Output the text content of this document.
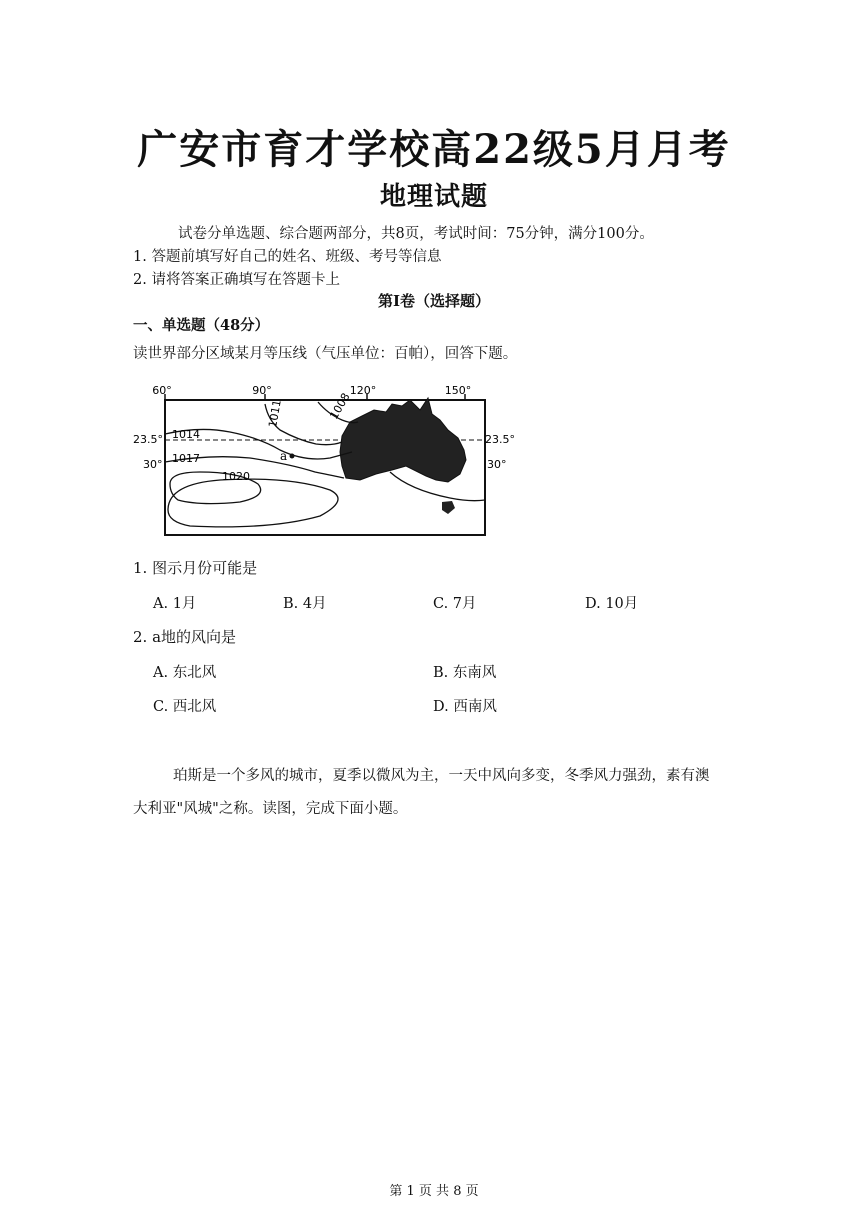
广安市育才学校高22级5月月考
地理试题
试卷分单选题、综合题两部分，共8页，考试时间：75分钟，满分100分。
1. 答题前填写好自己的姓名、班级、考号等信息
2. 请将答案正确填写在答题卡上
第Ⅰ卷（选择题）
一、单选题（48分）
读世界部分区域某月等压线（气压单位：百帕），回答下题。
60°	90°	120°	150°
23.5°
30°
23.5°
30°
1014
1017
1020
1011	1008
a
1. 图示月份可能是
A. 1月	B. 4月	C. 7月	D. 10月
2. a地的风向是
A. 东北风	B. 东南风
C. 西北风	D. 西南风
珀斯是一个多风的城市，夏季以微风为主，一天中风向多变，冬季风力强劲，素有澳
大利亚"风城"之称。读图，完成下面小题。
第 1 页 共 8 页
